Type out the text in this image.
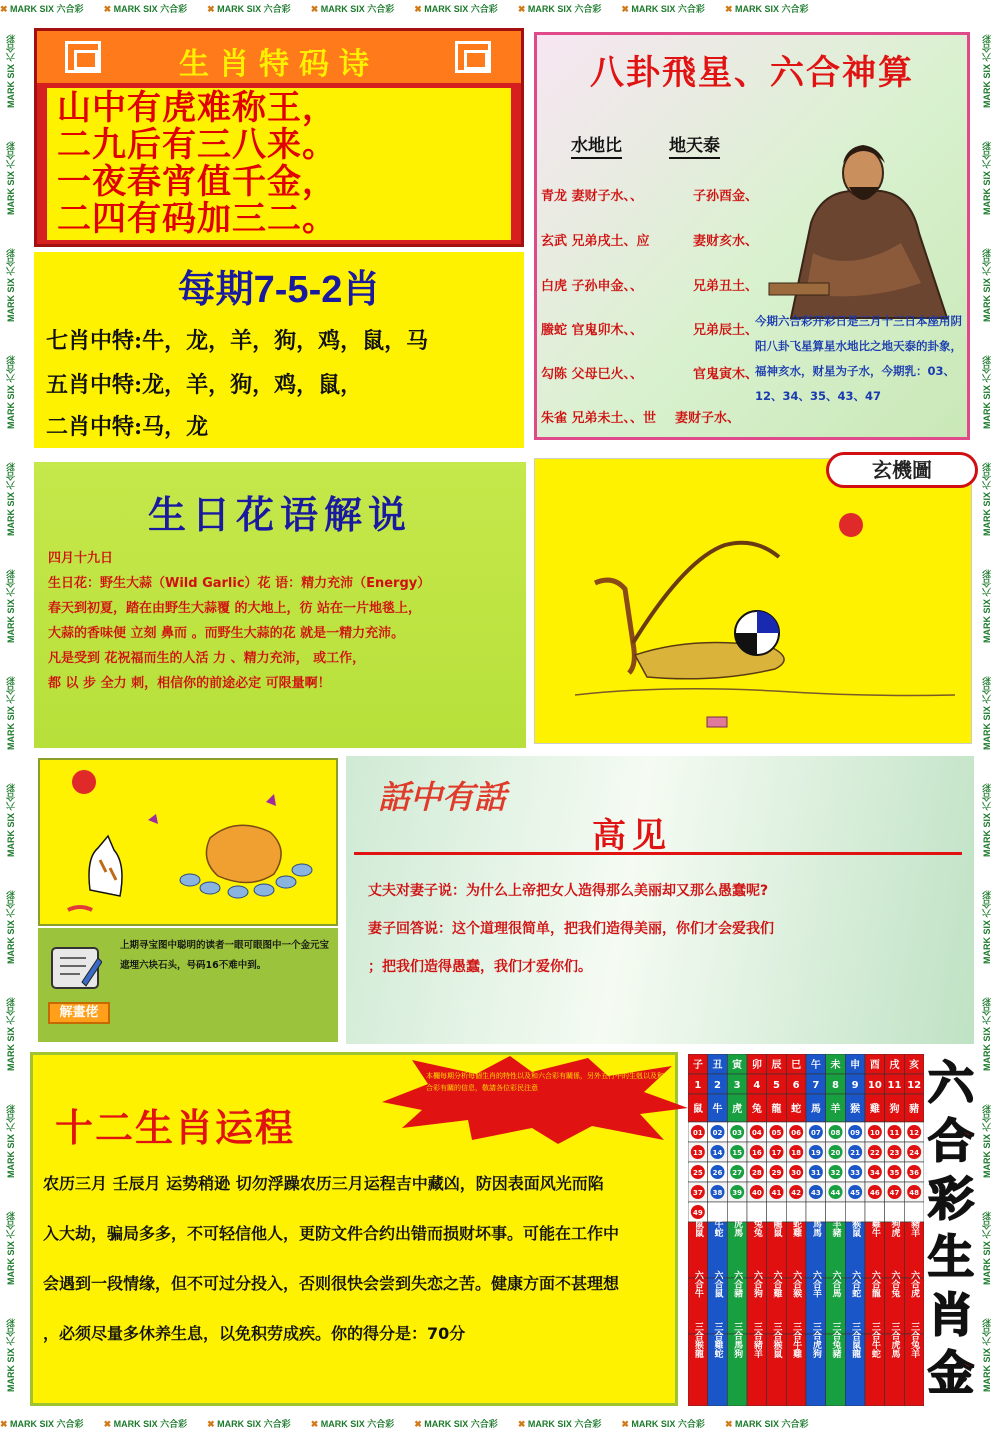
✖ MARK SIX 六合彩 ✖ MARK SIX 六合彩 ✖ MARK SIX 六合彩 ✖ MARK SIX 六合彩 ✖ MARK SIX 六合彩 ✖ MARK SIX 六合彩 ✖ MARK SIX 六合彩 ✖ MARK SIX 六合彩
✖ MARK SIX 六合彩 ✖ MARK SIX 六合彩 ✖ MARK SIX 六合彩 ✖ MARK SIX 六合彩 ✖ MARK SIX 六合彩 ✖ MARK SIX 六合彩 ✖ MARK SIX 六合彩 ✖ MARK SIX 六合彩
MARK SIX 六合彩
MARK SIX 六合彩
MARK SIX 六合彩
MARK SIX 六合彩
MARK SIX 六合彩
MARK SIX 六合彩
MARK SIX 六合彩
MARK SIX 六合彩
MARK SIX 六合彩
MARK SIX 六合彩
MARK SIX 六合彩
MARK SIX 六合彩
MARK SIX 六合彩
MARK SIX 六合彩
MARK SIX 六合彩
MARK SIX 六合彩
MARK SIX 六合彩
MARK SIX 六合彩
MARK SIX 六合彩
MARK SIX 六合彩
MARK SIX 六合彩
MARK SIX 六合彩
MARK SIX 六合彩
MARK SIX 六合彩
MARK SIX 六合彩
MARK SIX 六合彩
生肖特码诗
山中有虎难称王，
二九后有三八来。
一夜春宵值千金，
二四有码加三二。
每期7-5-2肖
七肖中特:牛，龙，羊，狗，鸡，鼠，马
五肖中特:龙，羊，狗，鸡，鼠，
二肖中特:马，龙
八卦飛星、六合神算
水地比	地天泰
青龙 妻财子水、、	子孙酉金、
玄武 兄弟戌土、应	妻财亥水、
白虎 子孙申金、、	兄弟丑土、
螣蛇 官鬼卯木、、	兄弟辰土、
勾陈 父母巳火、、	官鬼寅木、
朱雀 兄弟未土、、世 妻财子水、
今期六合彩开彩日是三月十三日本座用阴阳八卦飞星算星水地比之地天泰的卦象，福神亥水，财星为子水，今期乳：03、12、34、35、43、47
生日花语解说
四月十九日
生日花：野生大蒜（Wild Garlic）花 语：精力充沛（Energy）
春天到初夏，踏在由野生大蒜覆 的大地上，彷 站在一片地毯上，
大蒜的香味便 立刻 鼻而 。而野生大蒜的花 就是一精力充沛。
凡是受到 花祝福而生的人活 力 、精力充沛， 或工作，
都 以 步 全力 刺，相信你的前途必定 可限量啊！
玄機圖
上期寻宝图中聪明的读者一眼可眼图中一个金元宝遮埋六块石头，号码16不难中到。
解畫佬
話中有話
高见
丈夫对妻子说：为什么上帝把女人造得那么美丽却又那么愚蠢呢?
妻子回答说：这个道理很简单，把我们造得美丽，你们才会爱我们
；把我们造得愚蠢，我们才爱你们。
十二生肖运程
农历三月 壬辰月 运势稍逊 切勿浮躁农历三月运程吉中藏凶，防因表面风光而陷
入大劫，骗局多多，不可轻信他人，更防文件合约出错而损财坏事。可能在工作中
会遇到一段情缘，但不可过分投入，否则很快会尝到失恋之苦。健康方面不甚理想
，必须尽量多休养生息，以免积劳成疾。你的得分是：70分
本欄每期分析每個生肖的特性以及和六合彩有關係，另外五行中的生剋以及和六合彩有關的信息，敬請各位彩民注意
子 丑 寅 卯 辰 巳 午 未 申 酉 戌 亥
1 2 3 4 5 6 7 8 9 10 11 12
鼠 牛 虎 兔 龍 蛇 馬 羊 猴 雞 狗 豬
01 02 03 04 05 06 07 08 09 10 11 12
13 14 15 16 17 18 19 20 21 22 23 24
25 26 27 28 29 30 31 32 33 34 35 36
37 38 39 40 41 42 43 44 45 46 47 48
49
鼠鼠 牛蛇 虎馬 兔兔 龍鼠 蛇雞 馬馬 羊豬 猴鼠 雞牛 狗虎 豬羊
六合牛 六合鼠 六合豬 六合狗 六合雞 六合猴 六合羊 六合馬 六合蛇 六合龍 六合兔 六合虎
三合猴龍 三合雞蛇 三合馬狗 三合豬羊 三合猴鼠 三合牛雞 三合虎狗 三合兔豬 三合鼠龍 三合牛蛇 三合虎馬 三合兔羊
六
合
彩
生
肖
金
